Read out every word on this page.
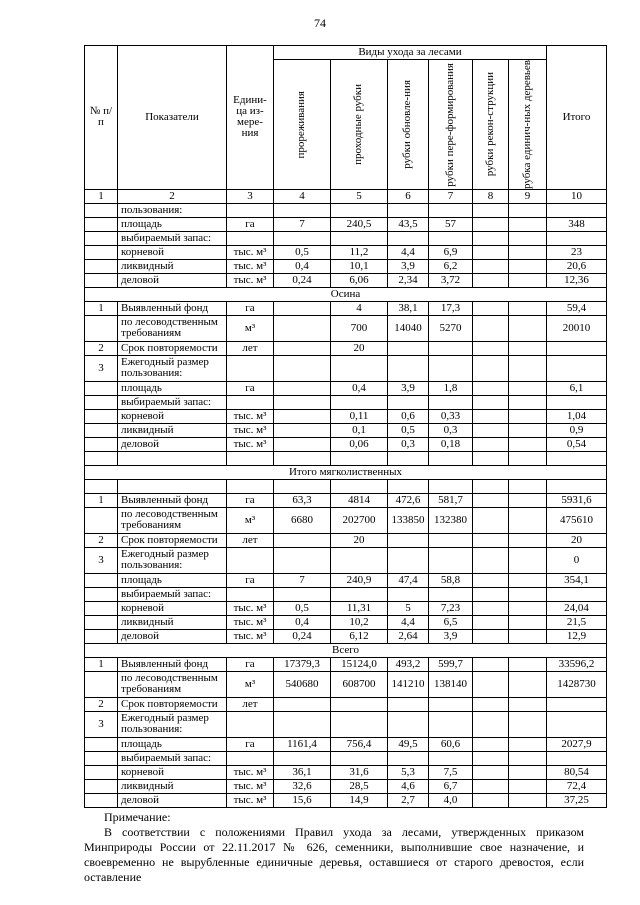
74
№ п/п	Показатели	Едини-ца из-мере-ния	Виды ухода за лесами						Итого

			прореживания	проходные рубки	рубки обновле-ния	рубки пере-формирования	рубки рекон-струкции	рубка единич-ных деревьев	

1	2	3	4	5	6	7	8	9	10
	пользования:								
	площадь	га	7	240,5	43,5	57			348
	выбираемый запас:								
	корневой	тыс. м³	0,5	11,2	4,4	6,9			23
	ликвидный	тыс. м³	0,4	10,1	3,9	6,2			20,6
	деловой	тыс. м³	0,24	6,06	2,34	3,72			12,36
Осина									
1	Выявленный фонд	га		4	38,1	17,3			59,4
	по лесоводственным требованиям	м³		700	14040	5270			20010
2	Срок повторяемости	лет		20					
3	Ежегодный размер пользования:								
	площадь	га		0,4	3,9	1,8			6,1
	выбираемый запас:								
	корневой	тыс. м³		0,11	0,6	0,33			1,04
	ликвидный	тыс. м³		0,1	0,5	0,3			0,9
	деловой	тыс. м³		0,06	0,3	0,18			0,54

Итого мягколиственных									

1	Выявленный фонд	га	63,3	4814	472,6	581,7			5931,6
	по лесоводственным требованиям	м³	6680	202700	133850	132380			475610
2	Срок повторяемости	лет		20					20
3	Ежегодный размер пользования:								0
	площадь	га	7	240,9	47,4	58,8			354,1
	выбираемый запас:								
	корневой	тыс. м³	0,5	11,31	5	7,23			24,04
	ликвидный	тыс. м³	0,4	10,2	4,4	6,5			21,5
	деловой	тыс. м³	0,24	6,12	2,64	3,9			12,9
Всего									
1	Выявленный фонд	га	17379,3	15124,0	493,2	599,7			33596,2
	по лесоводственным требованиям	м³	540680	608700	141210	138140			1428730
2	Срок повторяемости	лет							
3	Ежегодный размер пользования:								
	площадь	га	1161,4	756,4	49,5	60,6			2027,9
	выбираемый запас:								
	корневой	тыс. м³	36,1	31,6	5,3	7,5			80,54
	ликвидный	тыс. м³	32,6	28,5	4,6	6,7			72,4
	деловой	тыс. м³	15,6	14,9	2,7	4,0			37,25

Примечание:

В соответствии с положениями Правил ухода за лесами, утвержденных приказом Минприроды России от 22.11.2017 № 626, семенники, выполнившие свое назначение, и своевременно не вырубленные единичные деревья, оставшиеся от старого древостоя, если оставление
